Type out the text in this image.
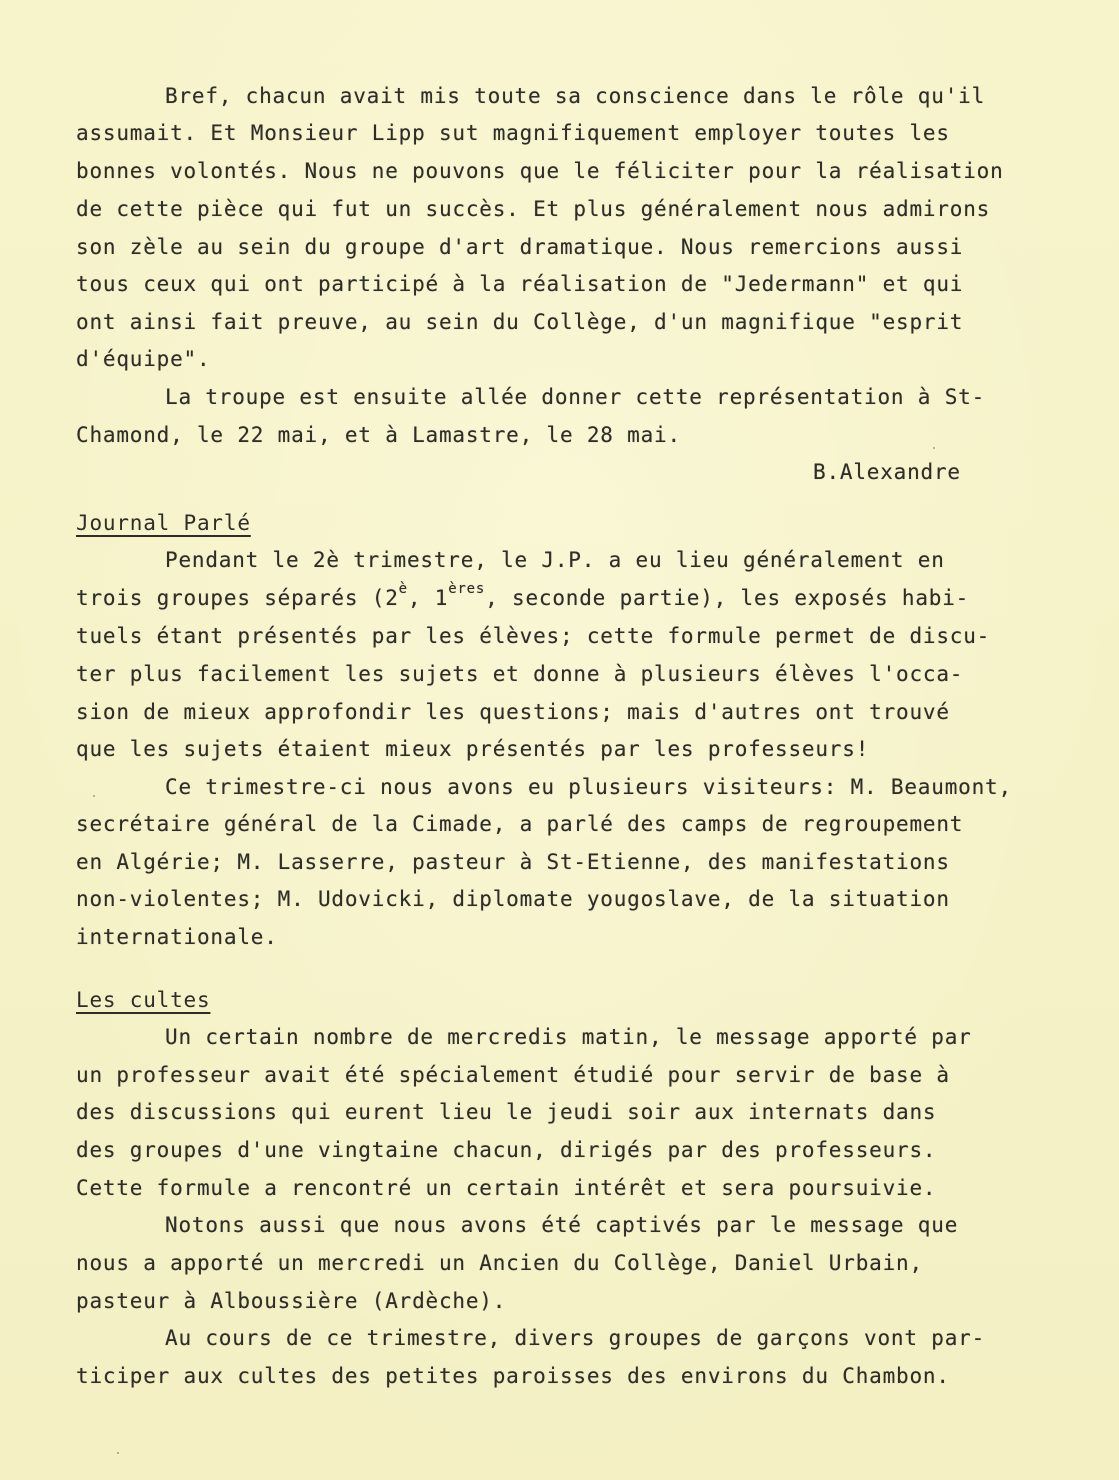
Bref, chacun avait mis toute sa conscience dans le rôle qu'il
assumait. Et Monsieur Lipp sut magnifiquement employer toutes les
bonnes volontés. Nous ne pouvons que le féliciter pour la réalisation
de cette pièce qui fut un succès. Et plus généralement nous admirons
son zèle au sein du groupe d'art dramatique. Nous remercions aussi
tous ceux qui ont participé à la réalisation de "Jedermann" et qui
ont ainsi fait preuve, au sein du Collège, d'un magnifique "esprit
d'équipe".
La troupe est ensuite allée donner cette représentation à St-
Chamond, le 22 mai, et à Lamastre, le 28 mai.
B.Alexandre
Journal Parlé
Pendant le 2è trimestre, le J.P. a eu lieu généralement en
trois groupes séparés ($2^è$, 1ères, seconde partie), les exposés habi-
tuels étant présentés par les élèves; cette formule permet de discu-
ter plus facilement les sujets et donne à plusieurs élèves l'occa-
sion de mieux approfondir les questions; mais d'autres ont trouvé
que les sujets étaient mieux présentés par les professeurs!
Ce trimestre-ci nous avons eu plusieurs visiteurs: M. Beaumont,
secrétaire général de la Cimade, a parlé des camps de regroupement
en Algérie; M. Lasserre, pasteur à St-Etienne, des manifestations
non-violentes; M. Udovicki, diplomate yougoslave, de la situation
internationale.
Les cultes
Un certain nombre de mercredis matin, le message apporté par
un professeur avait été spécialement étudié pour servir de base à
des discussions qui eurent lieu le jeudi soir aux internats dans
des groupes d'une vingtaine chacun, dirigés par des professeurs.
Cette formule a rencontré un certain intérêt et sera poursuivie.
Notons aussi que nous avons été captivés par le message que
nous a apporté un mercredi un Ancien du Collège, Daniel Urbain,
pasteur à Alboussière (Ardèche).
Au cours de ce trimestre, divers groupes de garçons vont par-
ticiper aux cultes des petites paroisses des environs du Chambon.
